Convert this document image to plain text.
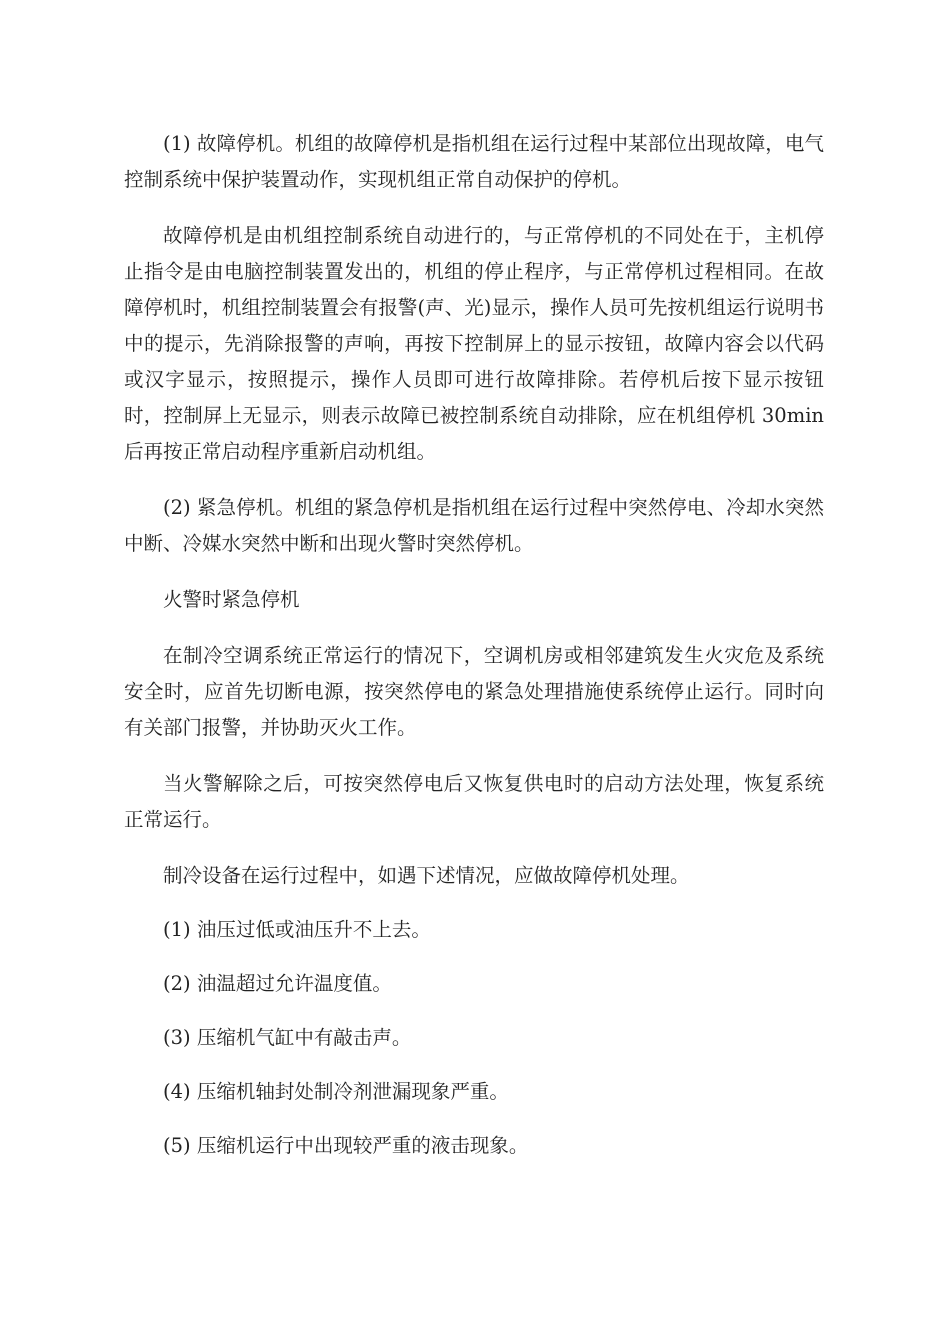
(1) 故障停机。机组的故障停机是指机组在运行过程中某部位出现故障，电气控制系统中保护装置动作，实现机组正常自动保护的停机。

故障停机是由机组控制系统自动进行的，与正常停机的不同处在于，主机停止指令是由电脑控制装置发出的，机组的停止程序，与正常停机过程相同。在故障停机时，机组控制装置会有报警(声、光)显示，操作人员可先按机组运行说明书中的提示，先消除报警的声响，再按下控制屏上的显示按钮，故障内容会以代码或汉字显示，按照提示，操作人员即可进行故障排除。若停机后按下显示按钮时，控制屏上无显示，则表示故障已被控制系统自动排除，应在机组停机 30min 后再按正常启动程序重新启动机组。

(2) 紧急停机。机组的紧急停机是指机组在运行过程中突然停电、冷却水突然中断、冷媒水突然中断和出现火警时突然停机。

火警时紧急停机

在制冷空调系统正常运行的情况下，空调机房或相邻建筑发生火灾危及系统安全时，应首先切断电源，按突然停电的紧急处理措施使系统停止运行。同时向有关部门报警，并协助灭火工作。

当火警解除之后，可按突然停电后又恢复供电时的启动方法处理，恢复系统正常运行。

制冷设备在运行过程中，如遇下述情况，应做故障停机处理。

(1) 油压过低或油压升不上去。

(2) 油温超过允许温度值。

(3) 压缩机气缸中有敲击声。

(4) 压缩机轴封处制冷剂泄漏现象严重。

(5) 压缩机运行中出现较严重的液击现象。
